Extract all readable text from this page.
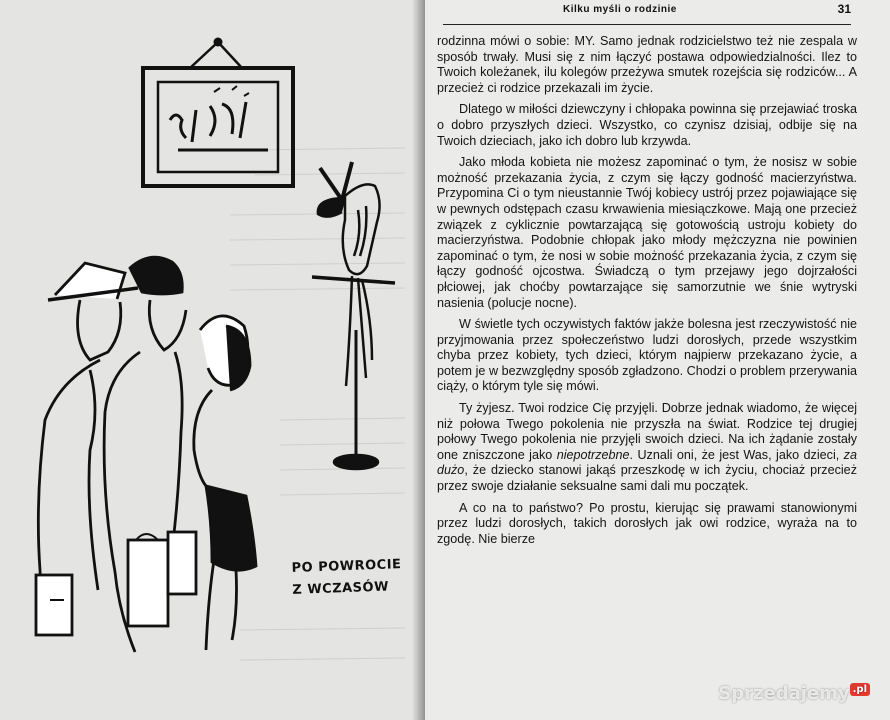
PO POWROCIE
Z WCZASÓW
Kilku myśli o rodzinie	31

rodzinna mówi o sobie: MY. Samo jednak rodzicielstwo też nie zespala w sposób trwały. Musi się z nim łączyć postawa odpowiedzialności. Ilez to Twoich koleżanek, ilu kolegów przeżywa smutek rozejścia się rodziców... A przecież ci rodzice przekazali im życie.

Dlatego w miłości dziewczyny i chłopaka powinna się przejawiać troska o dobro przyszłych dzieci. Wszystko, co czynisz dzisiaj, odbije się na Twoich dzieciach, jako ich dobro lub krzywda.

Jako młoda kobieta nie możesz zapominać o tym, że nosisz w sobie możność przekazania życia, z czym się łączy godność macierzyństwa. Przypomina Ci o tym nieustannie Twój kobiecy ustrój przez pojawiające się w pewnych odstępach czasu krwawienia miesiączkowe. Mają one przecież związek z cyklicznie powtarzającą się gotowością ustroju kobiety do macierzyństwa. Podobnie chłopak jako młody mężczyzna nie powinien zapominać o tym, że nosi w sobie możność przekazania życia, z czym się łączy godność ojcostwa. Świadczą o tym przejawy jego dojrzałości płciowej, jak choćby powtarzające się samorzutnie we śnie wytryski nasienia (polucje nocne).

W świetle tych oczywistych faktów jakże bolesna jest rzeczywistość nie przyjmowania przez społeczeństwo ludzi dorosłych, przede wszystkim chyba przez kobiety, tych dzieci, którym najpierw przekazano życie, a potem je w bezwzględny sposób zgładzono. Chodzi o problem przerywania ciąży, o którym tyle się mówi.

Ty żyjesz. Twoi rodzice Cię przyjęli. Dobrze jednak wiadomo, że więcej niż połowa Twego pokolenia nie przyszła na świat. Rodzice tej drugiej połowy Twego pokolenia nie przyjęli swoich dzieci. Na ich żądanie zostały one zniszczone jako niepotrzebne. Uznali oni, że jest Was, jako dzieci, za dużo, że dziecko stanowi jakąś przeszkodę w ich życiu, chociaż przecież przez swoje działanie seksualne sami dali mu początek.

A co na to państwo? Po prostu, kierując się prawami stanowionymi przez ludzi dorosłych, takich dorosłych jak owi rodzice, wyraża na to zgodę. Nie bierze

Sprzedajemy .pl
